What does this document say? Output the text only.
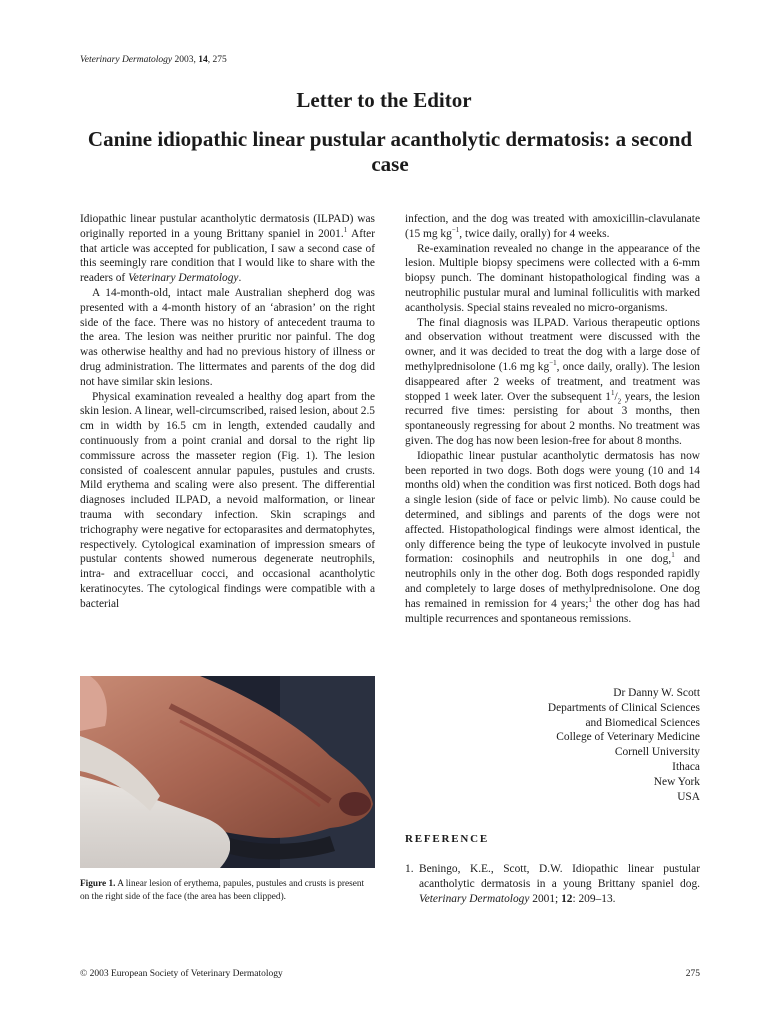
Veterinary Dermatology 2003, 14, 275
Letter to the Editor
Canine idiopathic linear pustular acantholytic dermatosis: a second case

Idiopathic linear pustular acantholytic dermatosis (ILPAD) was originally reported in a young Brittany spaniel in 2001.$^1$ After that article was accepted for publication, I saw a second case of this seemingly rare condition that I would like to share with the readers of Veterinary Dermatology.

A 14-month-old, intact male Australian shepherd dog was presented with a 4-month history of an ‘abrasion’ on the right side of the face. There was no history of antecedent trauma to the area. The lesion was neither pruritic nor painful. The dog was otherwise healthy and had no previous history of illness or drug administration. The littermates and parents of the dog did not have similar skin lesions.

Physical examination revealed a healthy dog apart from the skin lesion. A linear, well-circumscribed, raised lesion, about 2.5 cm in width by 16.5 cm in length, extended caudally and continuously from a point cranial and dorsal to the right lip commissure across the masseter region (Fig. 1). The lesion consisted of coalescent annular papules, pustules and crusts. Mild erythema and scaling were also present. The differential diagnoses included ILPAD, a nevoid malformation, or linear trauma with secondary infection. Skin scrapings and trichography were negative for ectoparasites and dermatophytes, respectively. Cytological examination of impression smears of pustular contents showed numerous degenerate neutrophils, intra- and extracelluar cocci, and occasional acantholytic keratinocytes. The cytological findings were compatible with a bacterial

Figure 1. A linear lesion of erythema, papules, pustules and crusts is present on the right side of the face (the area has been clipped).

infection, and the dog was treated with amoxicillin-clavulanate (15 mg $kg^{-1}$, twice daily, orally) for 4 weeks.

Re-examination revealed no change in the appearance of the lesion. Multiple biopsy specimens were collected with a 6-mm biopsy punch. The dominant histopathological finding was a neutrophilic pustular mural and luminal folliculitis with marked acantholysis. Special stains revealed no micro-organisms.

The final diagnosis was ILPAD. Various therapeutic options and observation without treatment were discussed with the owner, and it was decided to treat the dog with a large dose of methylprednisolone (1.6 mg $kg^{-1}$, once daily, orally). The lesion disappeared after 2 weeks of treatment, and treatment was stopped 1 week later. Over the subsequent $1^1/_2$ years, the lesion recurred five times: persisting for about 3 months, then spontaneously regressing for about 2 months. No treatment was given. The dog has now been lesion-free for about 8 months.

Idiopathic linear pustular acantholytic dermatosis has now been reported in two dogs. Both dogs were young (10 and 14 months old) when the condition was first noticed. Both dogs had a single lesion (side of face or pelvic limb). No cause could be determined, and siblings and parents of the dogs were not affected. Histopathological findings were almost identical, the only difference being the type of leukocyte involved in pustule formation: cosinophils and neutrophils in one dog,$^1$ and neutrophils only in the other dog. Both dogs responded rapidly and completely to large doses of methylprednisolone. One dog has remained in remission for 4 years;$^1$ the other dog has had multiple recurrences and spontaneous remissions.

Dr Danny W. Scott
Departments of Clinical Sciences
and Biomedical Sciences
College of Veterinary Medicine
Cornell University
Ithaca
New York
USA
REFERENCE
1. Beningo, K.E., Scott, D.W. Idiopathic linear pustular acantholytic dermatosis in a young Brittany spaniel dog. Veterinary Dermatology 2001; 12: 209–13.
© 2003 European Society of Veterinary Dermatology	275
